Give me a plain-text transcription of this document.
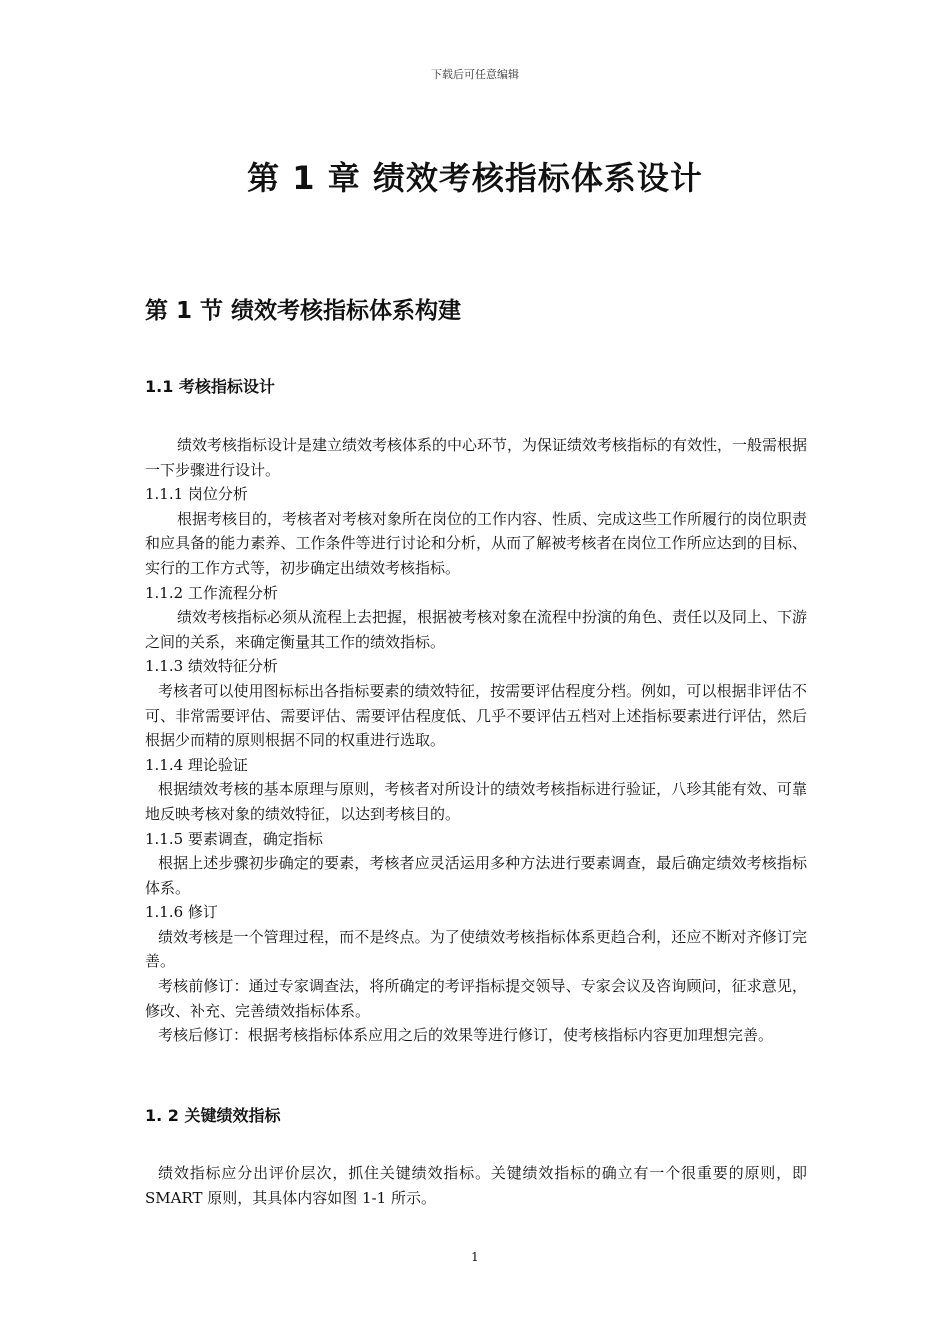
下载后可任意编辑
第 1 章 绩效考核指标体系设计
第 1 节 绩效考核指标体系构建
1.1 考核指标设计

绩效考核指标设计是建立绩效考核体系的中心环节，为保证绩效考核指标的有效性，一般需根据一下步骤进行设计。

1.1.1 岗位分析

根据考核目的，考核者对考核对象所在岗位的工作内容、性质、完成这些工作所履行的岗位职责和应具备的能力素养、工作条件等进行讨论和分析，从而了解被考核者在岗位工作所应达到的目标、实行的工作方式等，初步确定出绩效考核指标。

1.1.2 工作流程分析

绩效考核指标必须从流程上去把握，根据被考核对象在流程中扮演的角色、责任以及同上、下游之间的关系，来确定衡量其工作的绩效指标。

1.1.3 绩效特征分析

考核者可以使用图标标出各指标要素的绩效特征，按需要评估程度分档。例如，可以根据非评估不可、非常需要评估、需要评估、需要评估程度低、几乎不要评估五档对上述指标要素进行评估，然后根据少而精的原则根据不同的权重进行选取。

1.1.4 理论验证

根据绩效考核的基本原理与原则，考核者对所设计的绩效考核指标进行验证，八珍其能有效、可靠地反映考核对象的绩效特征，以达到考核目的。

1.1.5 要素调查，确定指标

根据上述步骤初步确定的要素，考核者应灵活运用多种方法进行要素调查，最后确定绩效考核指标体系。

1.1.6 修订

绩效考核是一个管理过程，而不是终点。为了使绩效考核指标体系更趋合利，还应不断对齐修订完善。

考核前修订：通过专家调查法，将所确定的考评指标提交领导、专家会议及咨询顾问，征求意见，修改、补充、完善绩效指标体系。

考核后修订：根据考核指标体系应用之后的效果等进行修订，使考核指标内容更加理想完善。

1. 2 关键绩效指标

绩效指标应分出评价层次，抓住关键绩效指标。关键绩效指标的确立有一个很重要的原则，即 SMART 原则，其具体内容如图 1-1 所示。

1
